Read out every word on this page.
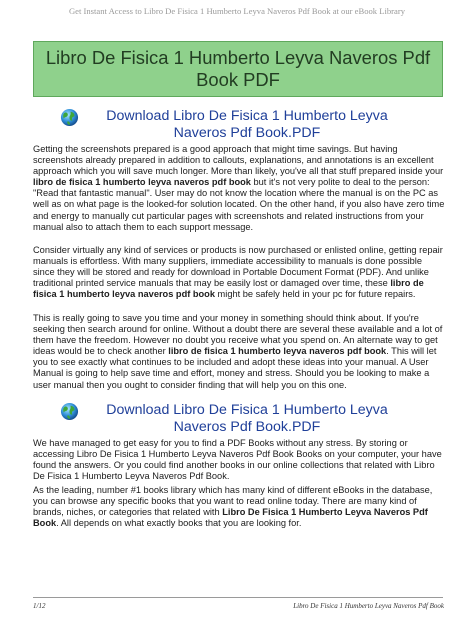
Get Instant Access to Libro De Fisica 1 Humberto Leyva Naveros Pdf Book at our eBook Library
Libro De Fisica 1 Humberto Leyva Naveros Pdf Book PDF
Download Libro De Fisica 1 Humberto Leyva Naveros Pdf Book.PDF

Getting the screenshots prepared is a good approach that might time savings. But having screenshots already prepared in addition to callouts, explanations, and annotations is an excellent approach which you will save much longer. More than likely, you've all that stuff prepared inside your libro de fisica 1 humberto leyva naveros pdf book but it's not very polite to deal to the person: "Read that fantastic manual". User may do not know the location where the manual is on the PC as well as on what page is the looked-for solution located. On the other hand, if you also have zero time and energy to manually cut particular pages with screenshots and related instructions from your manual also to attach them to each support message.

Consider virtually any kind of services or products is now purchased or enlisted online, getting repair manuals is effortless. With many suppliers, immediate accessibility to manuals is done possible since they will be stored and ready for download in Portable Document Format (PDF). And unlike traditional printed service manuals that may be easily lost or damaged over time, these libro de fisica 1 humberto leyva naveros pdf book might be safely held in your pc for future repairs.

This is really going to save you time and your money in something should think about. If you're seeking then search around for online. Without a doubt there are several these available and a lot of them have the freedom. However no doubt you receive what you spend on. An alternate way to get ideas would be to check another libro de fisica 1 humberto leyva naveros pdf book. This will let you to see exactly what continues to be included and adopt these ideas into your manual. A User Manual is going to help save time and effort, money and stress. Should you be looking to make a user manual then you ought to consider finding that will help you on this one.

Download Libro De Fisica 1 Humberto Leyva Naveros Pdf Book.PDF

We have managed to get easy for you to find a PDF Books without any stress. By storing or accessing Libro De Fisica 1 Humberto Leyva Naveros Pdf Book Books on your computer, your have found the answers. Or you could find another books in our online collections that related with Libro De Fisica 1 Humberto Leyva Naveros Pdf Book.

As the leading, number #1 books library which has many kind of different eBooks in the database, you can browse any specific books that you want to read online today. There are many kind of brands, niches, or categories that related with Libro De Fisica 1 Humberto Leyva Naveros Pdf Book. All depends on what exactly books that you are looking for.

1/12	Libro De Fisica 1 Humberto Leyva Naveros Pdf Book
